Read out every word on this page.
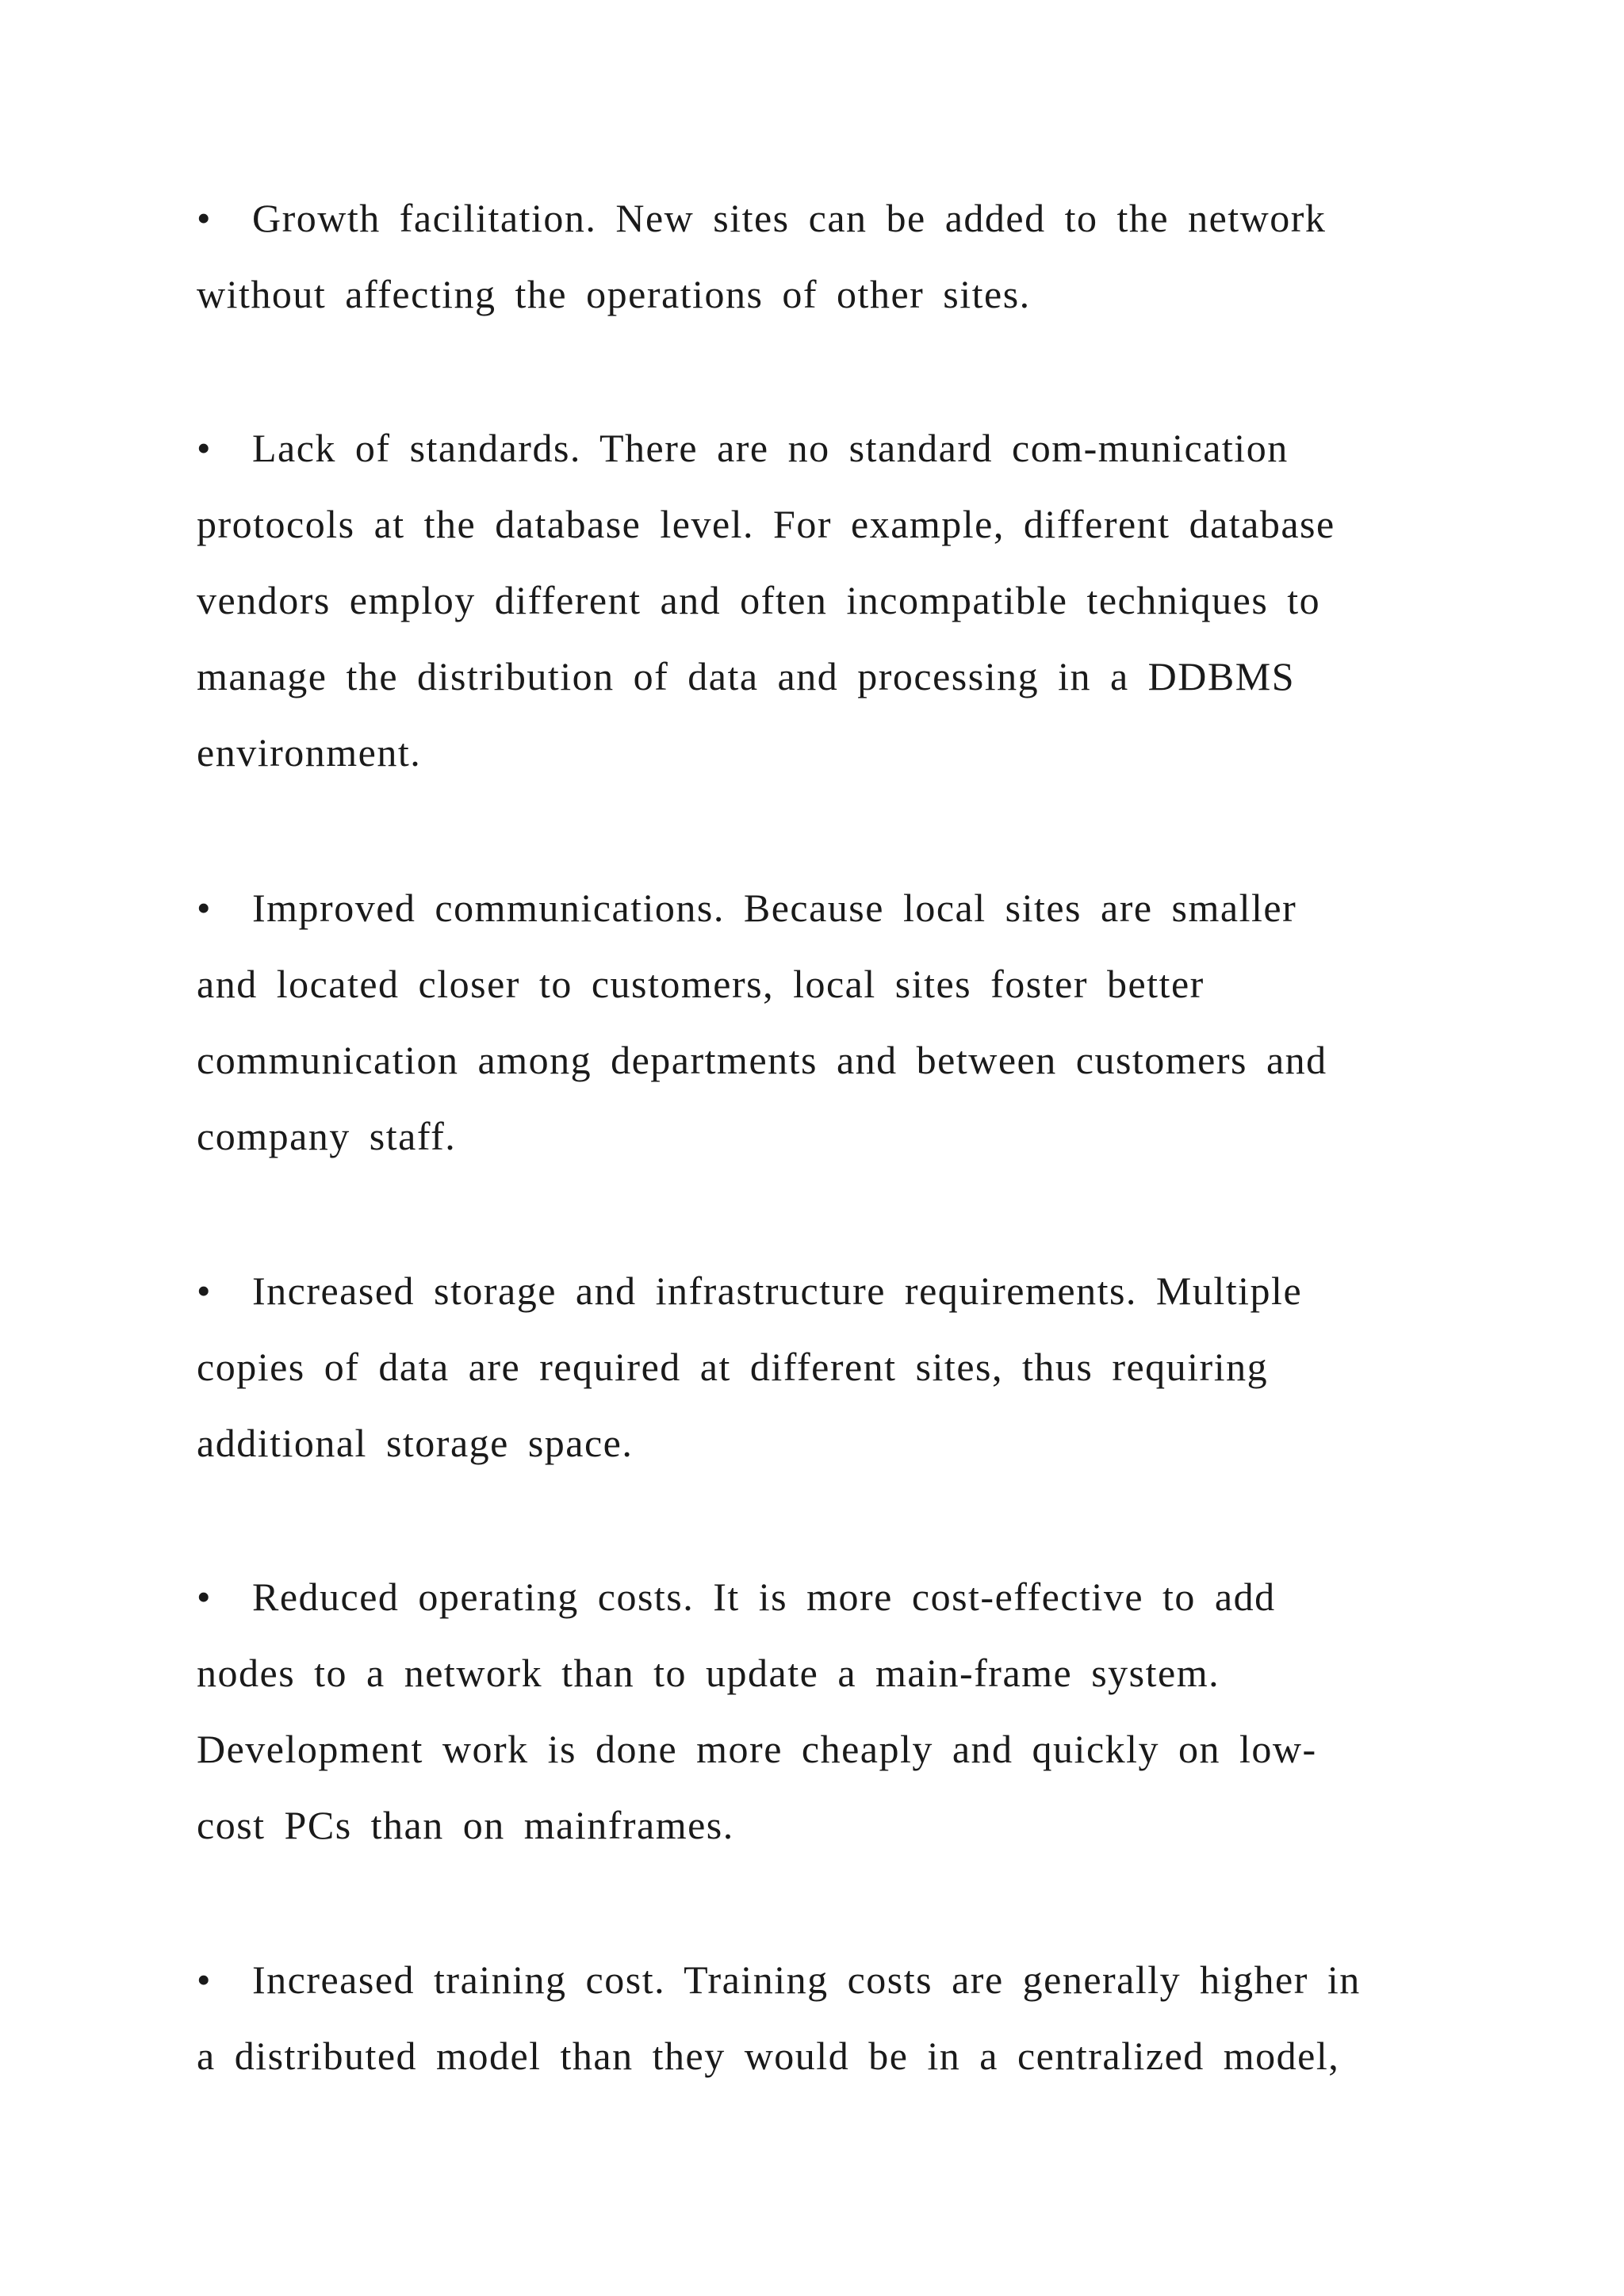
• Growth facilitation. New sites can be added to the network
without affecting the operations of other sites.
• Lack of standards. There are no standard com-munication
protocols at the database level. For example, different database
vendors employ different and often incompatible techniques to
manage the distribution of data and processing in a DDBMS
environment.
• Improved communications. Because local sites are smaller
and located closer to customers, local sites foster better
communication among departments and between customers and
company staff.
• Increased storage and infrastructure requirements. Multiple
copies of data are required at different sites, thus requiring
additional storage space.
• Reduced operating costs. It is more cost-effective to add
nodes to a network than to update a main-frame system.
Development work is done more cheaply and quickly on low-
cost PCs than on mainframes.
• Increased training cost. Training costs are generally higher in
a distributed model than they would be in a centralized model,
